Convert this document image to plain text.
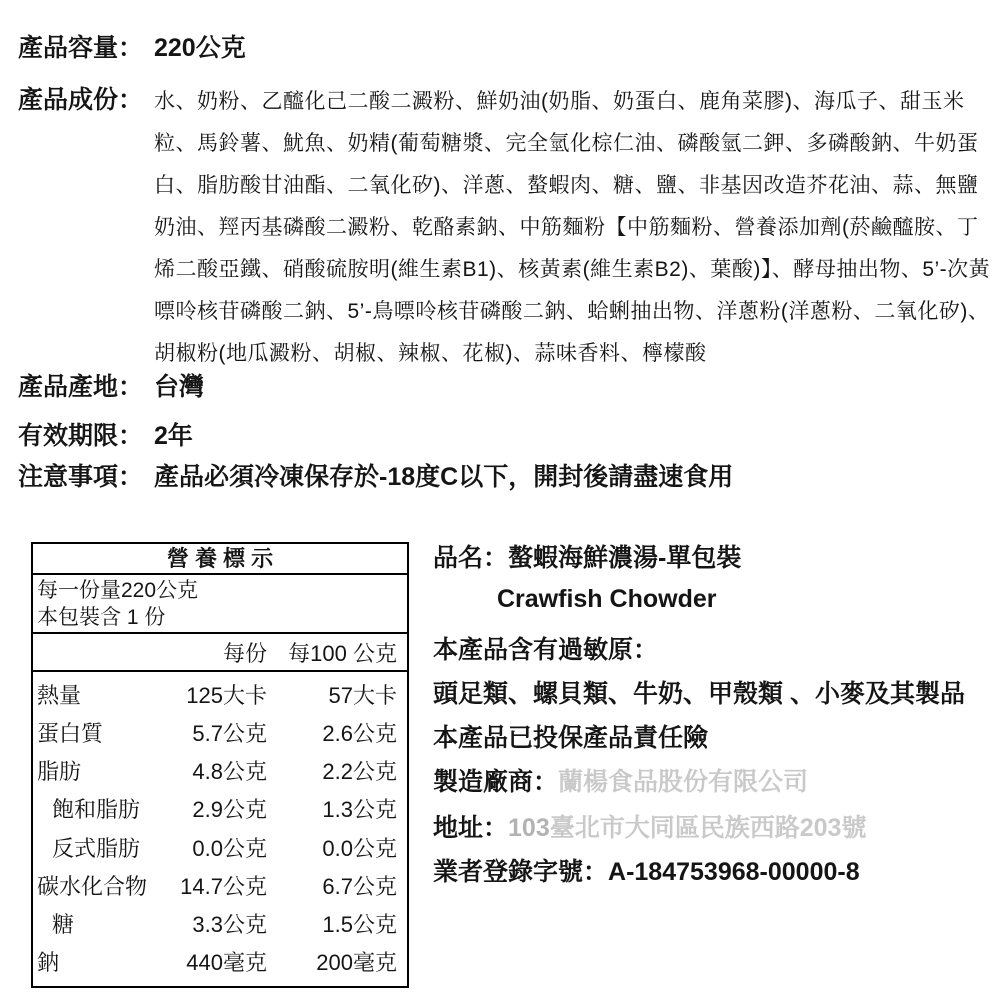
產品容量： 220公克
產品成份： 水、奶粉、乙醯化己二酸二澱粉、鮮奶油(奶脂、奶蛋白、鹿角菜膠)、海瓜子、甜玉米粒、馬鈴薯、魷魚、奶精(葡萄糖漿、完全氫化棕仁油、磷酸氫二鉀、多磷酸鈉、牛奶蛋白、脂肪酸甘油酯、二氧化矽)、洋蔥、螯蝦肉、糖、鹽、非基因改造芥花油、蒜、無鹽奶油、羥丙基磷酸二澱粉、乾酪素鈉、中筋麵粉【中筋麵粉、營養添加劑(菸鹼醯胺、丁烯二酸亞鐵、硝酸硫胺明(維生素B1)、核黃素(維生素B2)、葉酸)】、酵母抽出物、5’-次黃嘌呤核苷磷酸二鈉、5’-鳥嘌呤核苷磷酸二鈉、蛤蜊抽出物、洋蔥粉(洋蔥粉、二氧化矽)、胡椒粉(地瓜澱粉、胡椒、辣椒、花椒)、蒜味香料、檸檬酸
產品產地： 台灣
有效期限： 2年
注意事項： 產品必須冷凍保存於-18度C以下，開封後請盡速食用
營 養 標 示
每一份量220公克
本包裝含 1 份
每份 每100 公克
熱量	125大卡	57大卡
蛋白質	5.7公克	2.6公克
脂肪	4.8公克	2.2公克
飽和脂肪	2.9公克	1.3公克
反式脂肪	0.0公克	0.0公克
碳水化合物	14.7公克	6.7公克
糖	3.3公克	1.5公克
鈉	440毫克	200毫克
品名：螯蝦海鮮濃湯-單包裝
Crawfish Chowder
本產品含有過敏原：
頭足類、螺貝類、牛奶、甲殼類 、小麥及其製品
本產品已投保產品責任險
製造廠商：蘭楊食品股份有限公司
地址：103臺北市大同區民族西路203號
業者登錄字號：A-184753968-00000-8
